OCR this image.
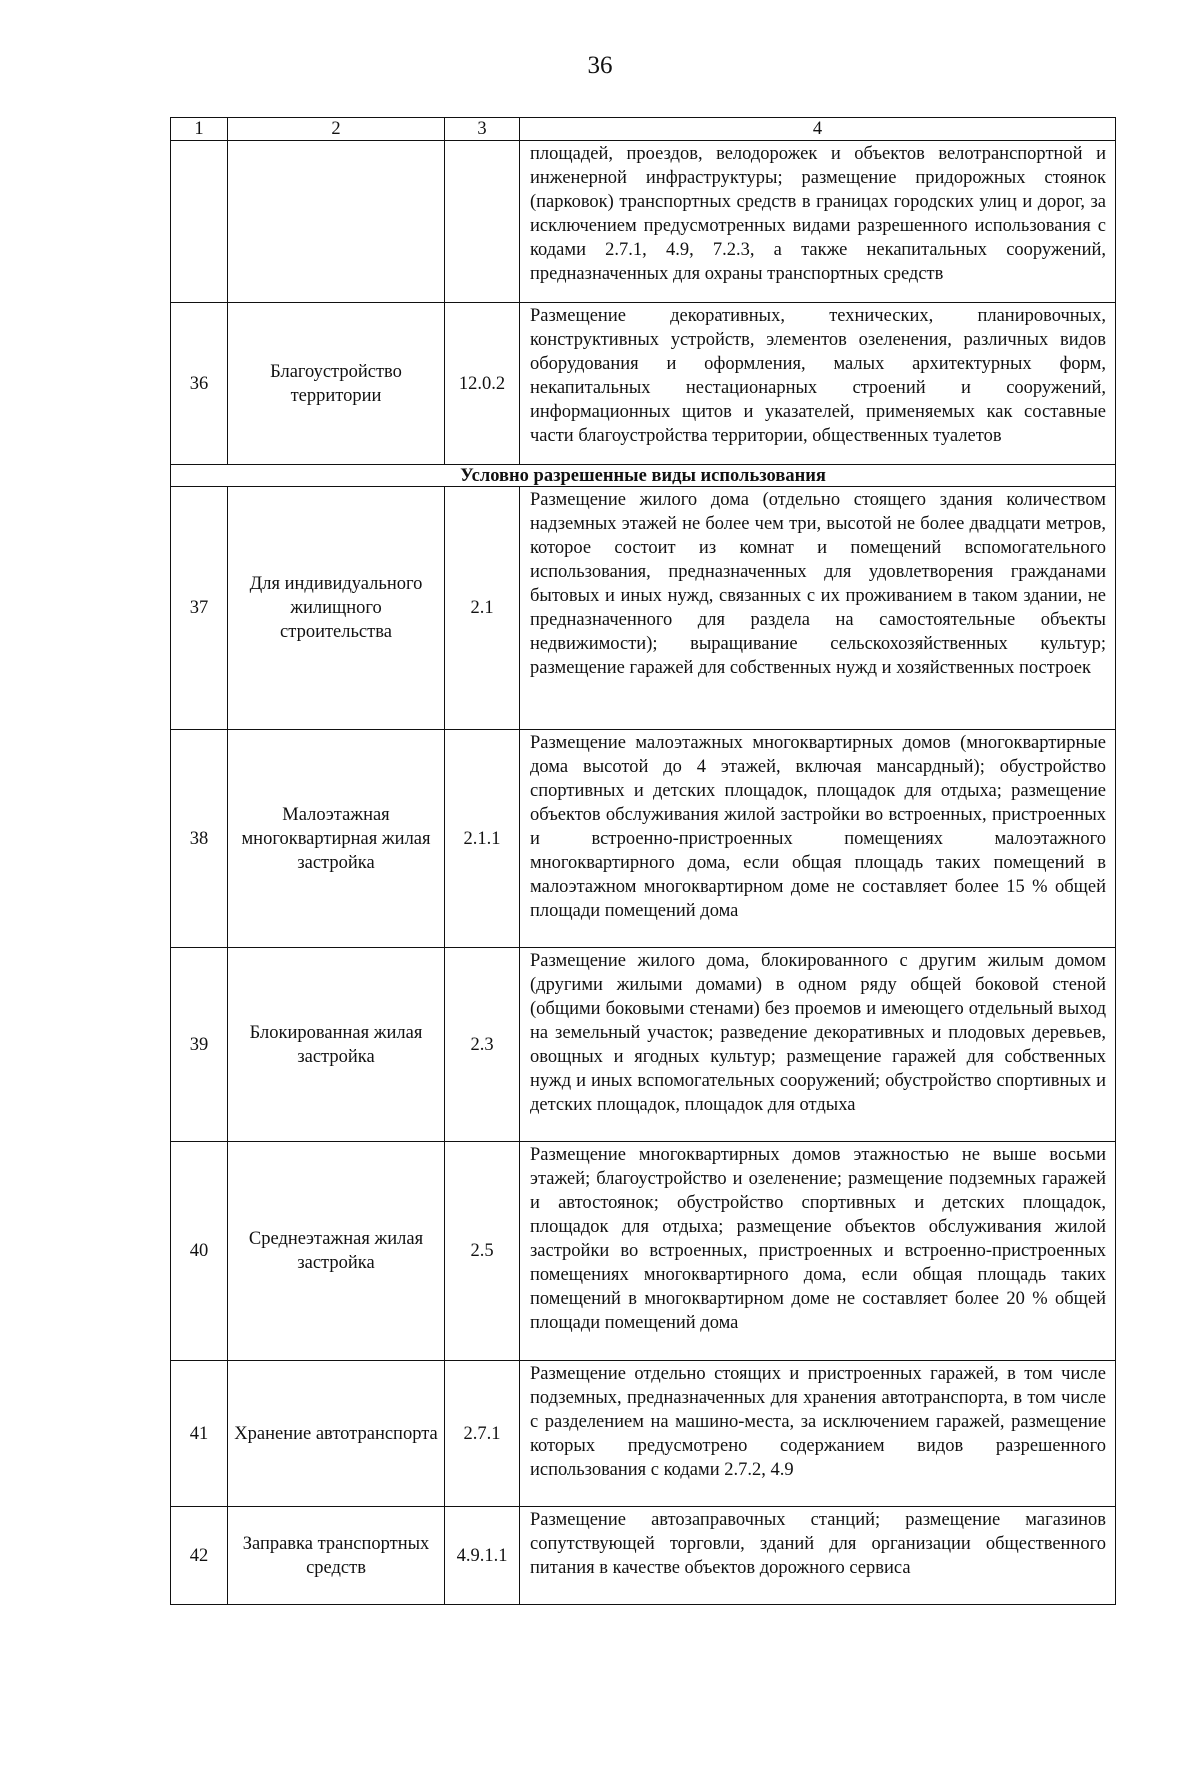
36
1	2	3	4
			площадей, проездов, велодорожек и объектов велотранспортной и инженерной инфраструктуры; размещение придорожных стоянок (парковок) транспортных средств в границах городских улиц и дорог, за исключением предусмотренных видами разрешенного использования с кодами 2.7.1, 4.9, 7.2.3, а также некапитальных сооружений, предназначенных для охраны транспортных средств
36	Благоустройство территории	12.0.2	Размещение декоративных, технических, планировочных, конструктивных устройств, элементов озеленения, различных видов оборудования и оформления, малых архитектурных форм, некапитальных нестационарных строений и сооружений, информационных щитов и указателей, применяемых как составные части благоустройства территории, общественных туалетов
Условно разрешенные виды использования			
37	Для индивидуального жилищного строительства	2.1	Размещение жилого дома (отдельно стоящего здания количеством надземных этажей не более чем три, высотой не более двадцати метров, которое состоит из комнат и помещений вспомогательного использования, предназначенных для удовлетворения гражданами бытовых и иных нужд, связанных с их проживанием в таком здании, не предназначенного для раздела на самостоятельные объекты недвижимости); выращивание сельскохозяйственных культур; размещение гаражей для собственных нужд и хозяйственных построек
38	Малоэтажная многоквартирная жилая застройка	2.1.1	Размещение малоэтажных многоквартирных домов (многоквартирные дома высотой до 4 этажей, включая мансардный); обустройство спортивных и детских площадок, площадок для отдыха; размещение объектов обслуживания жилой застройки во встроенных, пристроенных и встроенно-пристроенных помещениях малоэтажного многоквартирного дома, если общая площадь таких помещений в малоэтажном многоквартирном доме не составляет более 15 % общей площади помещений дома
39	Блокированная жилая застройка	2.3	Размещение жилого дома, блокированного с другим жилым домом (другими жилыми домами) в одном ряду общей боковой стеной (общими боковыми стенами) без проемов и имеющего отдельный выход на земельный участок; разведение декоративных и плодовых деревьев, овощных и ягодных культур; размещение гаражей для собственных нужд и иных вспомогательных сооружений; обустройство спортивных и детских площадок, площадок для отдыха
40	Среднеэтажная жилая застройка	2.5	Размещение многоквартирных домов этажностью не выше восьми этажей; благоустройство и озеленение; размещение подземных гаражей и автостоянок; обустройство спортивных и детских площадок, площадок для отдыха; размещение объектов обслуживания жилой застройки во встроенных, пристроенных и встроенно-пристроенных помещениях многоквартирного дома, если общая площадь таких помещений в многоквартирном доме не составляет более 20 % общей площади помещений дома
41	Хранение автотранспорта	2.7.1	Размещение отдельно стоящих и пристроенных гаражей, в том числе подземных, предназначенных для хранения автотранспорта, в том числе с разделением на машино-места, за исключением гаражей, размещение которых предусмотрено содержанием видов разрешенного использования с кодами 2.7.2, 4.9
42	Заправка транспортных средств	4.9.1.1	Размещение автозаправочных станций; размещение магазинов сопутствующей торговли, зданий для организации общественного питания в качестве объектов дорожного сервиса
